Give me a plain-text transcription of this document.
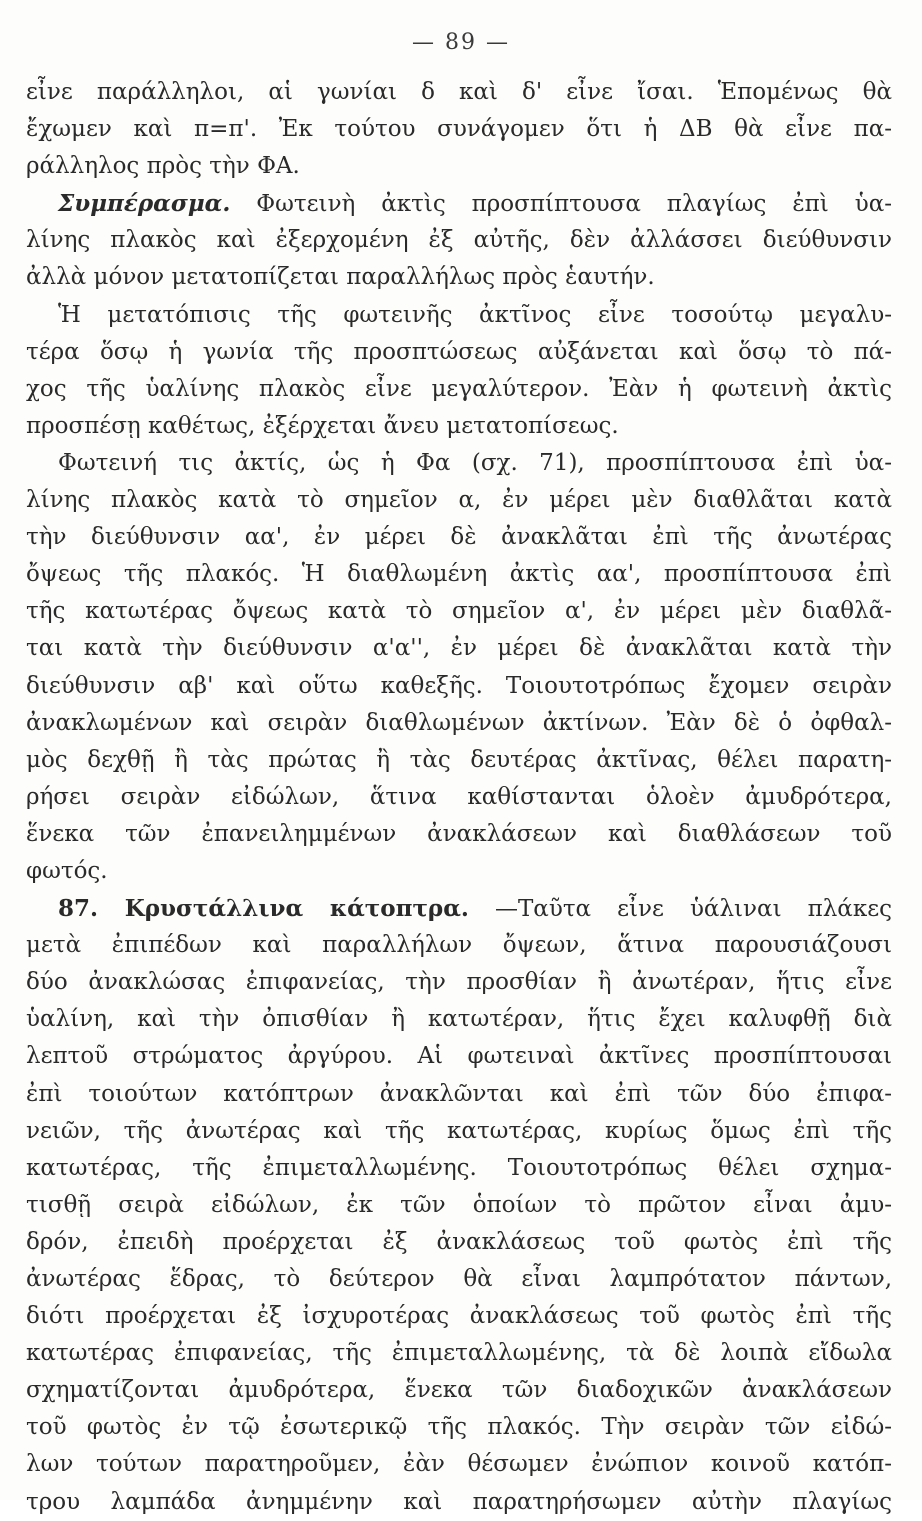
— 89 —
εἶνε παράλληλοι, αἱ γωνίαι δ καὶ δ' εἶνε ἴσαι. Ἑπομένως θὰ
ἔχωμεν καὶ π=π'. Ἐκ τούτου συνάγομεν ὅτι ἡ ΔΒ θὰ εἶνε πα-
ράλληλος πρὸς τὴν ΦΑ.
Συμπέρασμα. Φωτεινὴ ἀκτὶς προσπίπτουσα πλαγίως ἐπὶ ὑα-
λίνης πλακὸς καὶ ἐξερχομένη ἐξ αὐτῆς, δὲν ἀλλάσσει διεύθυνσιν
ἀλλὰ μόνον μετατοπίζεται παραλλήλως πρὸς ἑαυτήν.
Ἡ μετατόπισις τῆς φωτεινῆς ἀκτῖνος εἶνε τοσούτῳ μεγαλυ-
τέρα ὅσῳ ἡ γωνία τῆς προσπτώσεως αὐξάνεται καὶ ὅσῳ τὸ πά-
χος τῆς ὑαλίνης πλακὸς εἶνε μεγαλύτερον. Ἐὰν ἡ φωτεινὴ ἀκτὶς
προσπέσῃ καθέτως, ἐξέρχεται ἄνευ μετατοπίσεως.
Φωτεινή τις ἀκτίς, ὡς ἡ Φα (σχ. 71), προσπίπτουσα ἐπὶ ὑα-
λίνης πλακὸς κατὰ τὸ σημεῖον α, ἐν μέρει μὲν διαθλᾶται κατὰ
τὴν διεύθυνσιν αα', ἐν μέρει δὲ ἀνακλᾶται ἐπὶ τῆς ἀνωτέρας
ὄψεως τῆς πλακός. Ἡ διαθλωμένη ἀκτὶς αα', προσπίπτουσα ἐπὶ
τῆς κατωτέρας ὄψεως κατὰ τὸ σημεῖον α', ἐν μέρει μὲν διαθλᾶ-
ται κατὰ τὴν διεύθυνσιν α'α'', ἐν μέρει δὲ ἀνακλᾶται κατὰ τὴν
διεύθυνσιν αβ' καὶ οὕτω καθεξῆς. Τοιουτοτρόπως ἔχομεν σειρὰν
ἀνακλωμένων καὶ σειρὰν διαθλωμένων ἀκτίνων. Ἐὰν δὲ ὁ ὀφθαλ-
μὸς δεχθῇ ἢ τὰς πρώτας ἢ τὰς δευτέρας ἀκτῖνας, θέλει παρατη-
ρήσει σειρὰν εἰδώλων, ἅτινα καθίστανται ὁλοὲν ἀμυδρότερα,
ἕνεκα τῶν ἐπανειλημμένων ἀνακλάσεων καὶ διαθλάσεων τοῦ
φωτός.
87. Κρυστάλλινα κάτοπτρα. —Ταῦτα εἶνε ὑάλιναι πλάκες
μετὰ ἐπιπέδων καὶ παραλλήλων ὄψεων, ἅτινα παρουσιάζουσι
δύο ἀνακλώσας ἐπιφανείας, τὴν προσθίαν ἢ ἀνωτέραν, ἥτις εἶνε
ὑαλίνη, καὶ τὴν ὀπισθίαν ἢ κατωτέραν, ἥτις ἔχει καλυφθῇ διὰ
λεπτοῦ στρώματος ἀργύρου. Αἱ φωτειναὶ ἀκτῖνες προσπίπτουσαι
ἐπὶ τοιούτων κατόπτρων ἀνακλῶνται καὶ ἐπὶ τῶν δύο ἐπιφα-
νειῶν, τῆς ἀνωτέρας καὶ τῆς κατωτέρας, κυρίως ὅμως ἐπὶ τῆς
κατωτέρας, τῆς ἐπιμεταλλωμένης. Τοιουτοτρόπως θέλει σχημα-
τισθῇ σειρὰ εἰδώλων, ἐκ τῶν ὁποίων τὸ πρῶτον εἶναι ἀμυ-
δρόν, ἐπειδὴ προέρχεται ἐξ ἀνακλάσεως τοῦ φωτὸς ἐπὶ τῆς
ἀνωτέρας ἕδρας, τὸ δεύτερον θὰ εἶναι λαμπρότατον πάντων,
διότι προέρχεται ἐξ ἰσχυροτέρας ἀνακλάσεως τοῦ φωτὸς ἐπὶ τῆς
κατωτέρας ἐπιφανείας, τῆς ἐπιμεταλλωμένης, τὰ δὲ λοιπὰ εἴδωλα
σχηματίζονται ἀμυδρότερα, ἕνεκα τῶν διαδοχικῶν ἀνακλάσεων
τοῦ φωτὸς ἐν τῷ ἐσωτερικῷ τῆς πλακός. Τὴν σειρὰν τῶν εἰδώ-
λων τούτων παρατηροῦμεν, ἐὰν θέσωμεν ἐνώπιον κοινοῦ κατόπ-
τρου λαμπάδα ἀνημμένην καὶ παρατηρήσωμεν αὐτὴν πλαγίως
